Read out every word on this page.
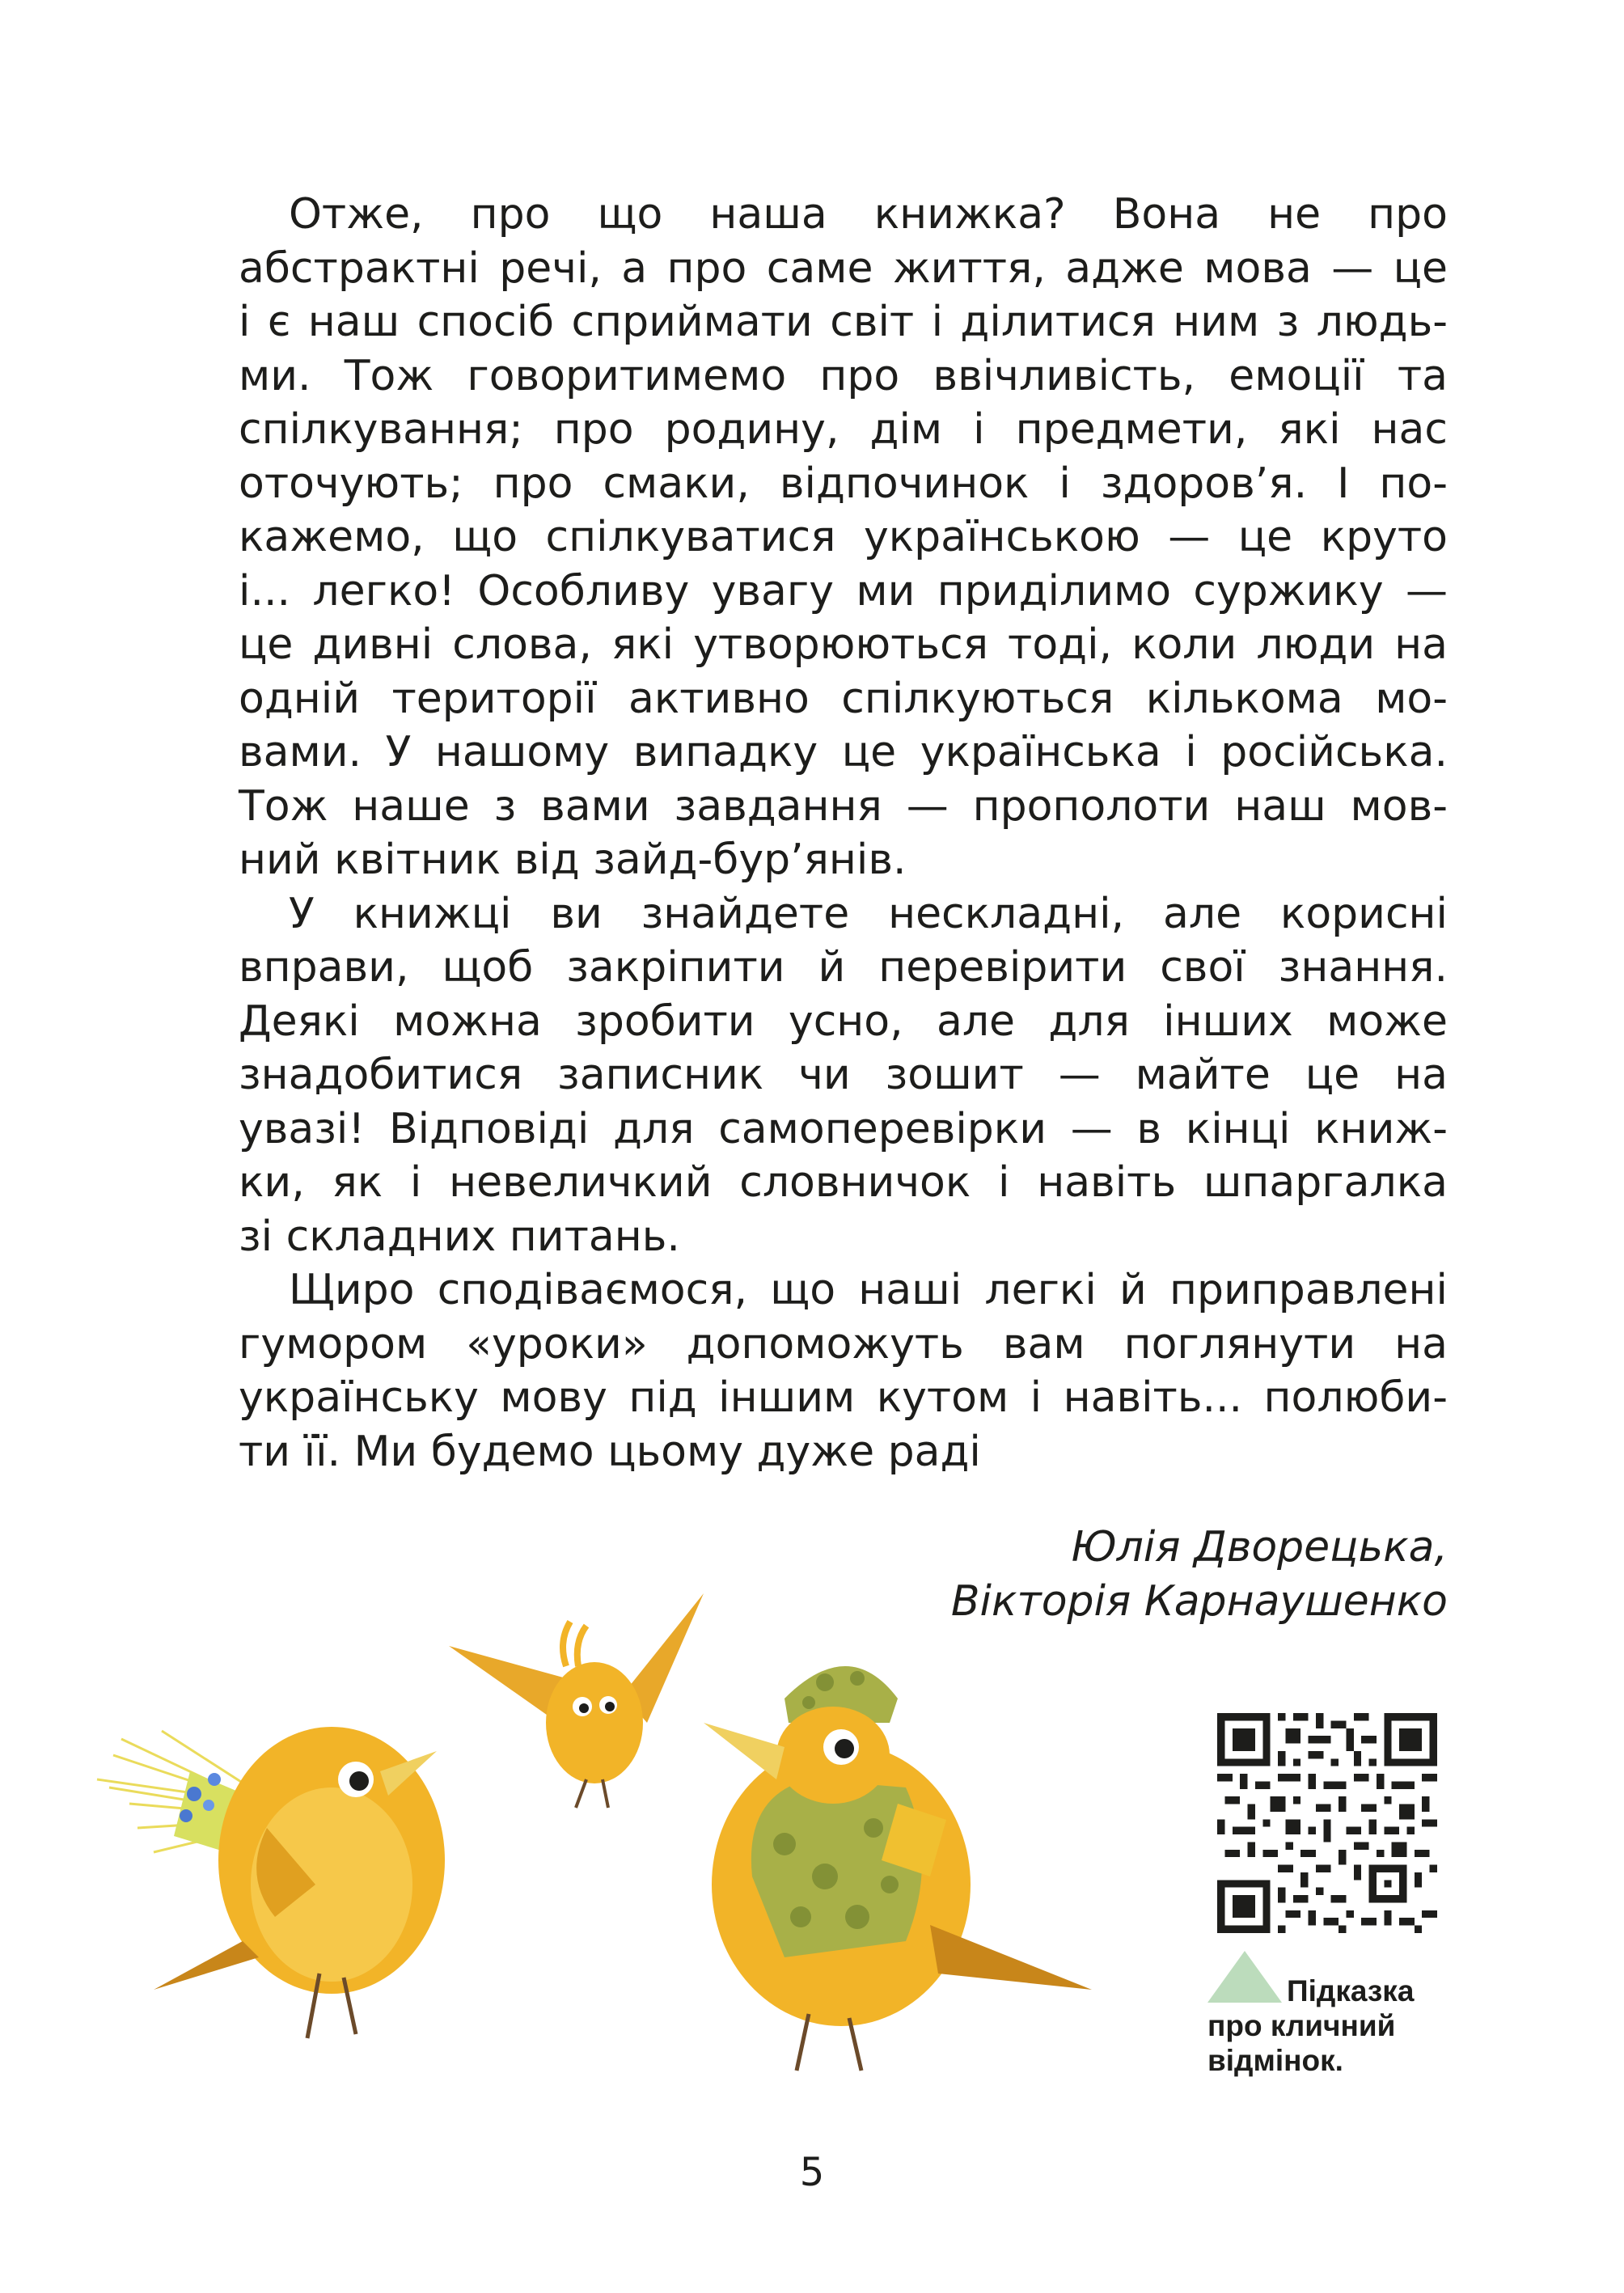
Отже, про що наша книжка? Вона не про
абстрактні речі, а про саме життя, адже мова — це
і є наш спосіб сприймати світ і ділитися ним з людь-
ми. Тож говоритимемо про ввічливість, емоції та
спілкування; про родину, дім і предмети, які нас
оточують; про смаки, відпочинок і здоров’я. І по-
кажемо, що спілкуватися українською — це круто
і... легко! Особливу увагу ми приділимо суржику —
це дивні слова, які утворюються тоді, коли люди на
одній території активно спілкуються кількома мо-
вами. У нашому випадку це українська і російська.
Тож наше з вами завдання — прополоти наш мов-
ний квітник від зайд-бур’янів.

У книжці ви знайдете нескладні, але корисні
вправи, щоб закріпити й перевірити свої знання.
Деякі можна зробити усно, але для інших може
знадобитися записник чи зошит — майте це на
увазі! Відповіді для самоперевірки — в кінці книж-
ки, як і невеличкий словничок і навіть шпаргалка
зі складних питань.

Щиро сподіваємося, що наші легкі й приправлені
гумором «уроки» допоможуть вам поглянути на
українську мову під іншим кутом і навіть... полюби-
ти її. Ми будемо цьому дуже раді

Юлія Дворецька,
Вікторія Карнаушенко
Підказка
про кличний
відмінок.
5
